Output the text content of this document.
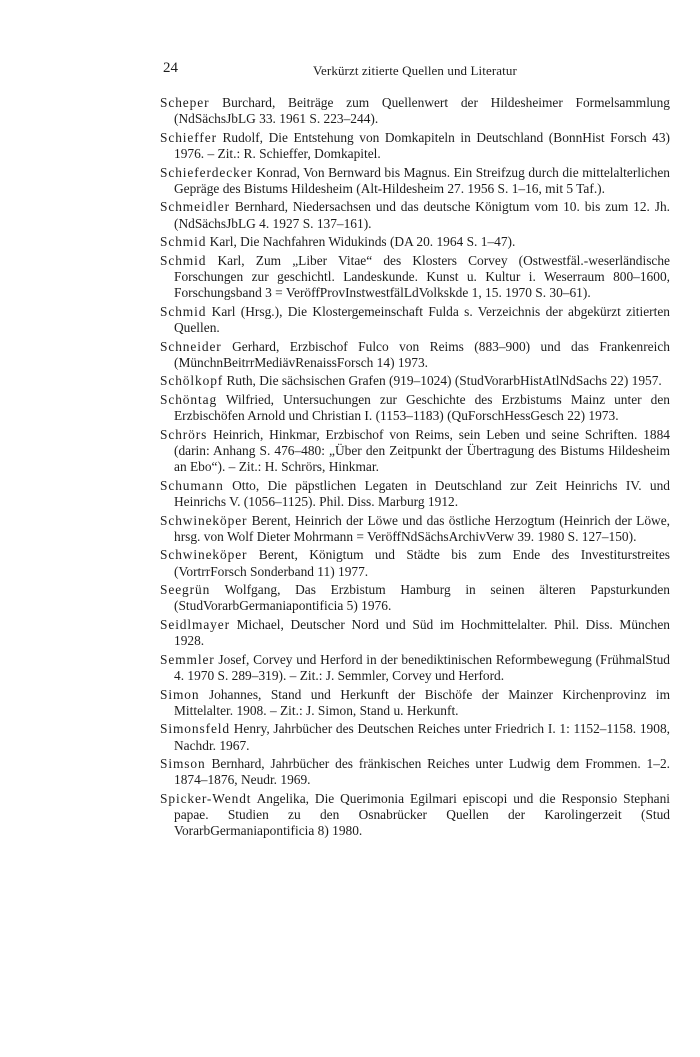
24	Verkürzt zitierte Quellen und Literatur
Scheper Burchard, Beiträge zum Quellenwert der Hildesheimer Formelsammlung (NdSächsJbLG 33. 1961 S. 223–244).
Schieffer Rudolf, Die Entstehung von Domkapiteln in Deutschland (BonnHist Forsch 43) 1976. – Zit.: R. Schieffer, Domkapitel.
Schieferdecker Konrad, Von Bernward bis Magnus. Ein Streifzug durch die mittelalterlichen Gepräge des Bistums Hildesheim (Alt-Hildesheim 27. 1956 S. 1–16, mit 5 Taf.).
Schmeidler Bernhard, Niedersachsen und das deutsche Königtum vom 10. bis zum 12. Jh. (NdSächsJbLG 4. 1927 S. 137–161).
Schmid Karl, Die Nachfahren Widukinds (DA 20. 1964 S. 1–47).
Schmid Karl, Zum „Liber Vitae“ des Klosters Corvey (Ostwestfäl.-weserländische Forschungen zur geschichtl. Landeskunde. Kunst u. Kultur i. Weserraum 800–1600, Forschungsband 3 = VeröffProvInstwestfälLdVolkskde 1, 15. 1970 S. 30–61).
Schmid Karl (Hrsg.), Die Klostergemeinschaft Fulda s. Verzeichnis der abgekürzt zitierten Quellen.
Schneider Gerhard, Erzbischof Fulco von Reims (883–900) und das Frankenreich (MünchnBeitrrMediävRenaissForsch 14) 1973.
Schölkopf Ruth, Die sächsischen Grafen (919–1024) (StudVorarbHistAtlNdSachs 22) 1957.
Schöntag Wilfried, Untersuchungen zur Geschichte des Erzbistums Mainz unter den Erzbischöfen Arnold und Christian I. (1153–1183) (QuForschHessGesch 22) 1973.
Schrörs Heinrich, Hinkmar, Erzbischof von Reims, sein Leben und seine Schriften. 1884 (darin: Anhang S. 476–480: „Über den Zeitpunkt der Übertragung des Bistums Hildesheim an Ebo“). – Zit.: H. Schrörs, Hinkmar.
Schumann Otto, Die päpstlichen Legaten in Deutschland zur Zeit Heinrichs IV. und Heinrichs V. (1056–1125). Phil. Diss. Marburg 1912.
Schwineköper Berent, Heinrich der Löwe und das östliche Herzogtum (Heinrich der Löwe, hrsg. von Wolf Dieter Mohrmann = VeröffNdSächsArchivVerw 39. 1980 S. 127–150).
Schwineköper Berent, Königtum und Städte bis zum Ende des Investiturstreites (VortrrForsch Sonderband 11) 1977.
Seegrün Wolfgang, Das Erzbistum Hamburg in seinen älteren Papsturkunden (StudVorarbGermaniapontificia 5) 1976.
Seidlmayer Michael, Deutscher Nord und Süd im Hochmittelalter. Phil. Diss. München 1928.
Semmler Josef, Corvey und Herford in der benediktinischen Reformbewegung (FrühmalStud 4. 1970 S. 289–319). – Zit.: J. Semmler, Corvey und Herford.
Simon Johannes, Stand und Herkunft der Bischöfe der Mainzer Kirchenprovinz im Mittelalter. 1908. – Zit.: J. Simon, Stand u. Herkunft.
Simonsfeld Henry, Jahrbücher des Deutschen Reiches unter Friedrich I. 1: 1152–1158. 1908, Nachdr. 1967.
Simson Bernhard, Jahrbücher des fränkischen Reiches unter Ludwig dem Frommen. 1–2. 1874–1876, Neudr. 1969.
Spicker-Wendt Angelika, Die Querimonia Egilmari episcopi und die Responsio Stephani papae. Studien zu den Osnabrücker Quellen der Karolingerzeit (Stud VorarbGermaniapontificia 8) 1980.
